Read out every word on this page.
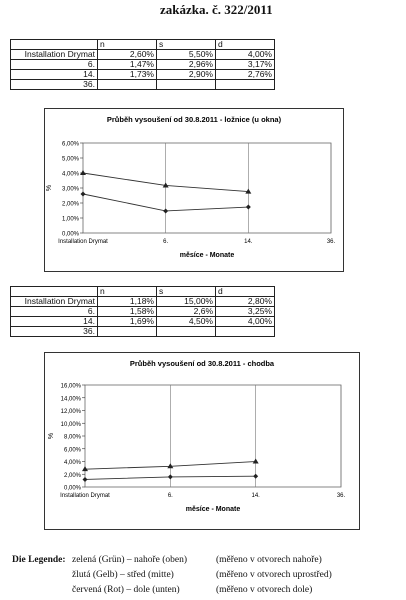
zakázka. č. 322/2011
	n	s	d
Installation Drymat	2,60%	5,50%	4,00%
6.	1,47%	2,96%	3,17%
14.	1,73%	2,90%	2,76%
36.			
Průběh vysoušení od 30.8.2011 - ložnice (u okna)
0,00%
1,00%
2,00%
3,00%
4,00%
5,00%
6,00%
Installation Drymat	6.	14.	36.
%
měsíce - Monate
	n	s	d
Installation Drymat	1,18%	15,00%	2,80%
6.	1,58%	2,6%	3,25%
14.	1,69%	4,50%	4,00%
36.			
Průběh vysoušení od 30.8.2011 - chodba
0,00%
2,00%
4,00%
6,00%
8,00%
10,00%
12,00%
14,00%
16,00%
Installation Drymat	6.	14.	36.
%
měsíce - Monate
Die Legende: zelená (Grün) – nahoře (oben)	(měřeno v otvorech nahoře)
žlutá (Gelb) – střed (mitte)	(měřeno v otvorech uprostřed)
červená (Rot) – dole (unten)	(měřeno v otvorech dole)
